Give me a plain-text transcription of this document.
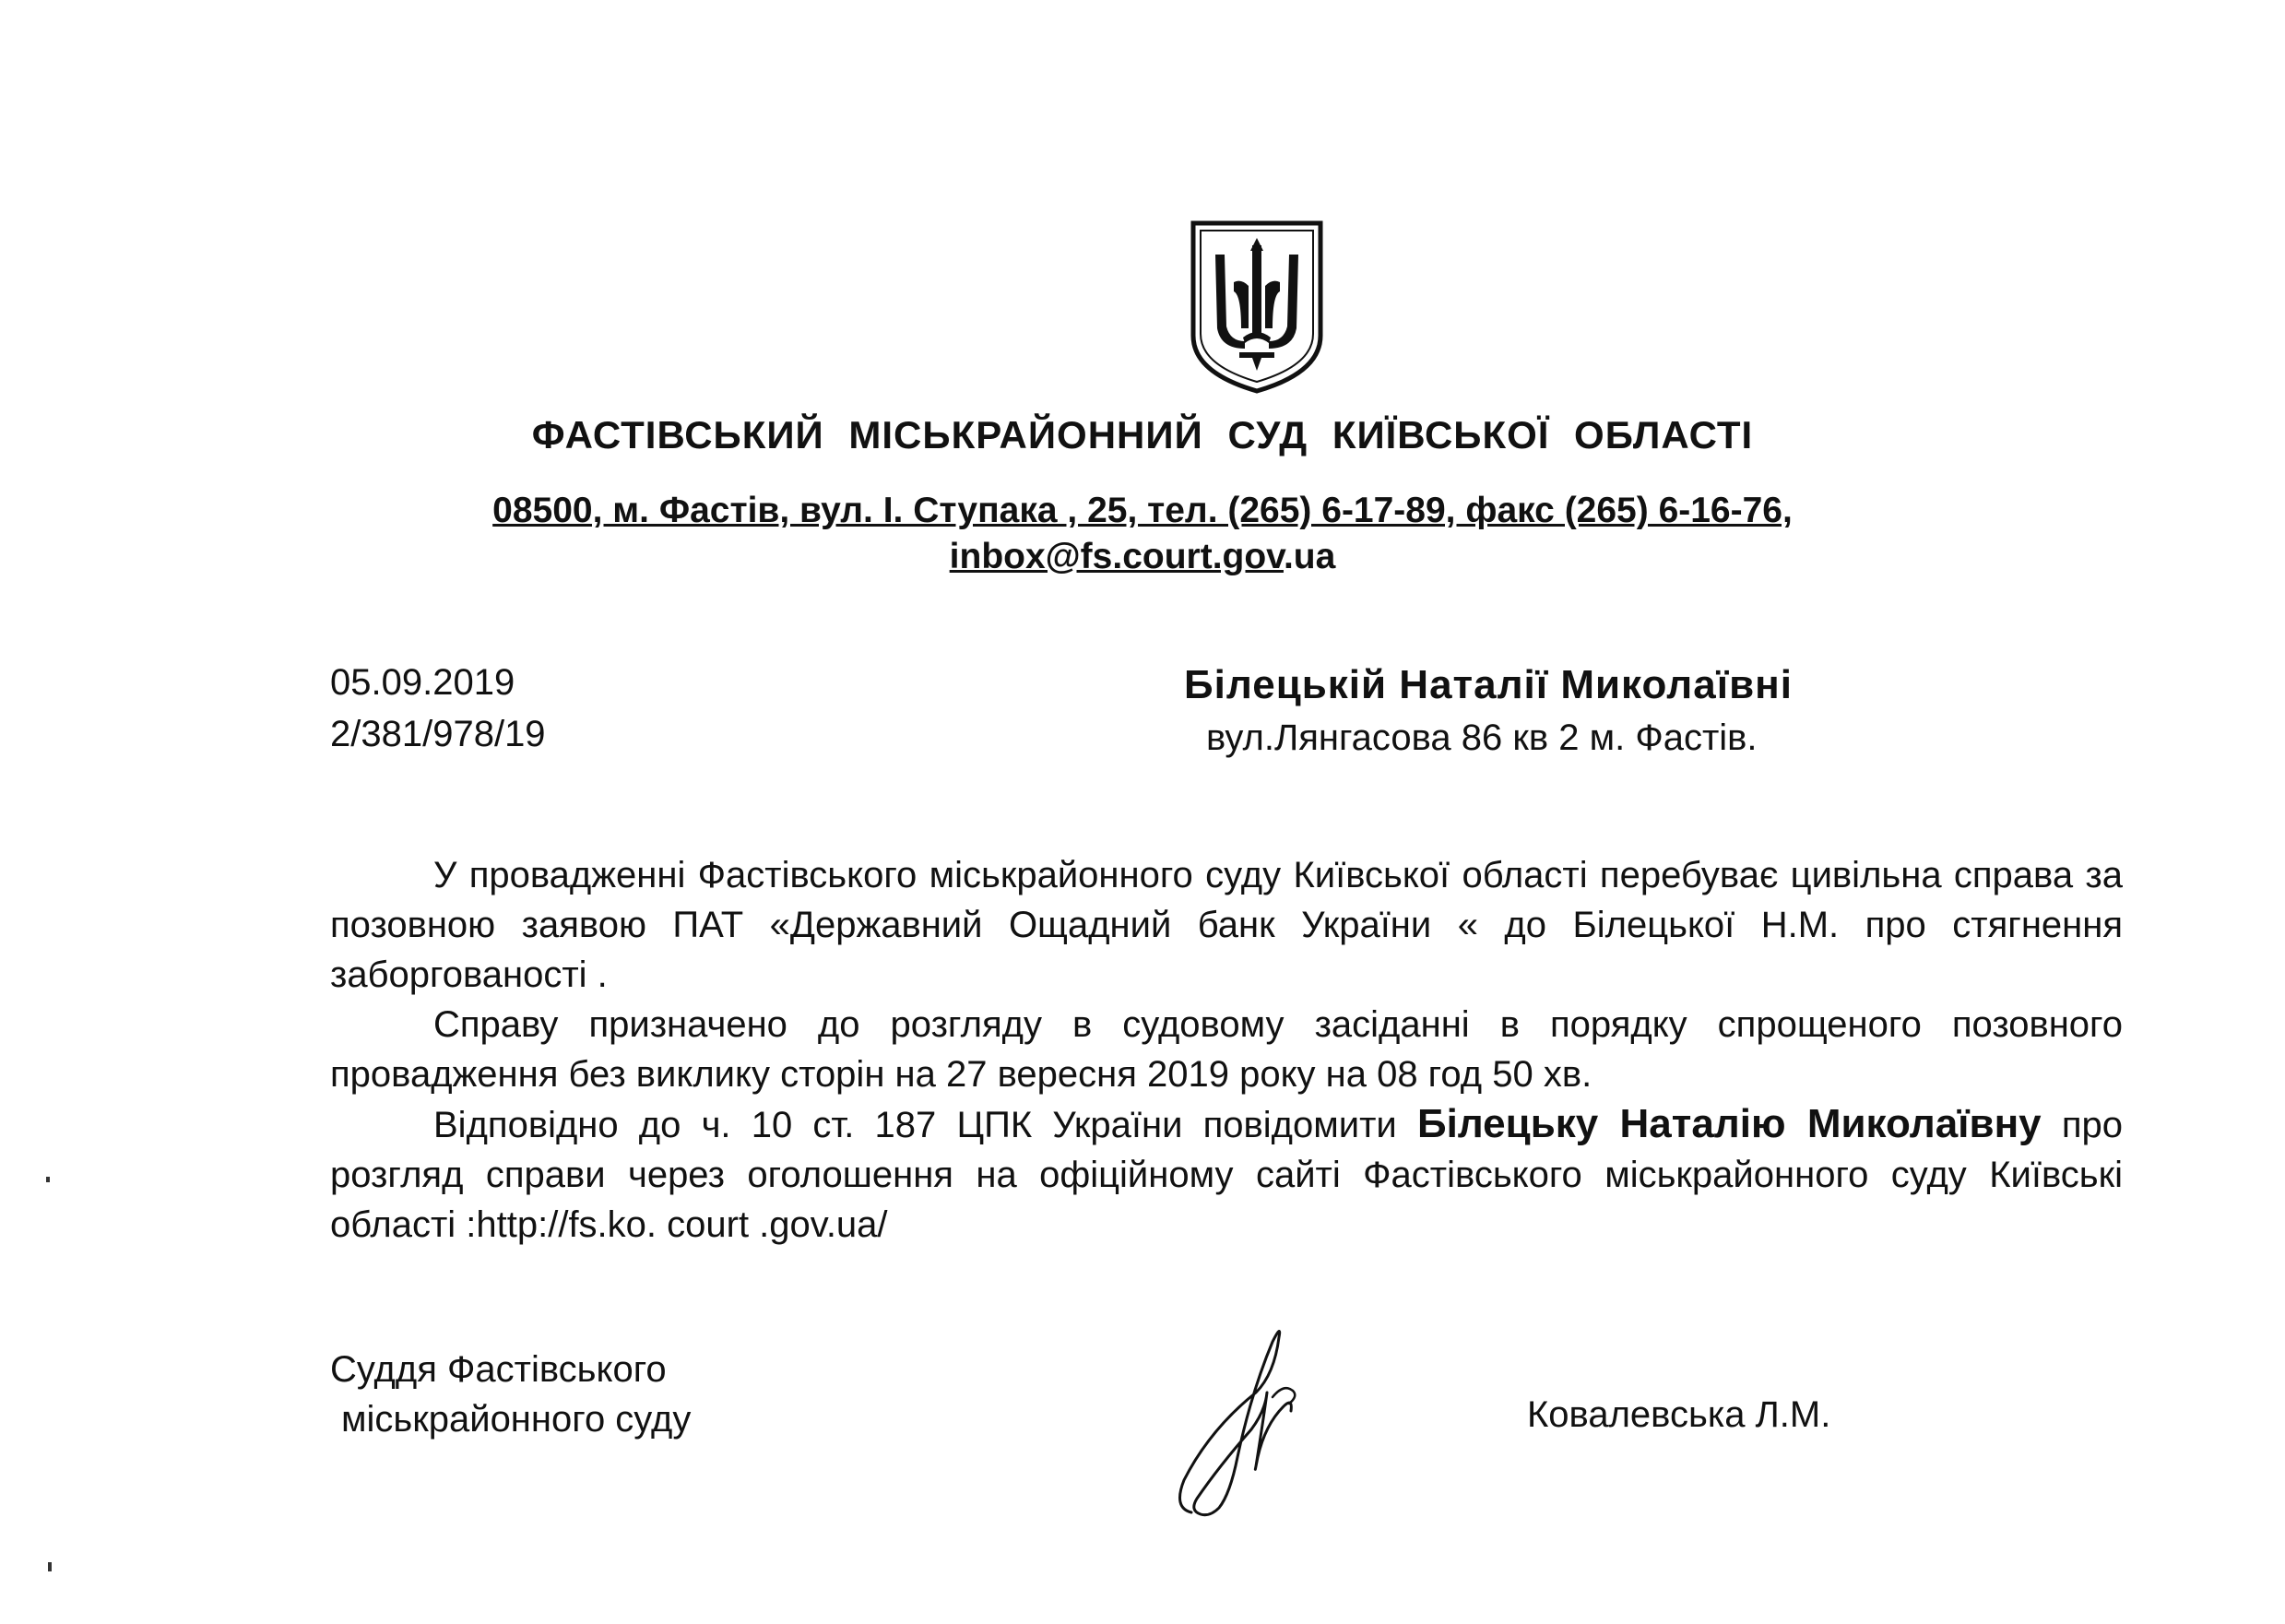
ФАСТІВСЬКИЙ МІСЬКРАЙОННИЙ СУД КИЇВСЬКОЇ ОБЛАСТІ
08500, м. Фастів, вул. І. Ступака , 25, тел. (265) 6-17-89, факс (265) 6-16-76,
inbox@fs.court.gov.ua
05.09.2019
2/381/978/19
Білецькій Наталії Миколаївні
вул.Лянгасова 86 кв 2 м. Фастів.

У провадженні Фастівського міськрайонного суду Київської області перебуває цивільна справа за позовною заявою ПАТ «Державний Ощадний банк України « до Білецької Н.М. про стягнення заборгованості .

Справу призначено до розгляду в судовому засіданні в порядку спрощеного позовного провадження без виклику сторін на 27 вересня 2019 року на 08 год 50 хв.

Відповідно до ч. 10 ст. 187 ЦПК України повідомити Білецьку Наталію Миколаївну про розгляд справи через оголошення на офіційному сайті Фастівського міськрайонного суду Київські області :http://fs.ko. court .gov.ua/

Суддя Фастівського
міськрайонного суду	Ковалевська Л.М.
